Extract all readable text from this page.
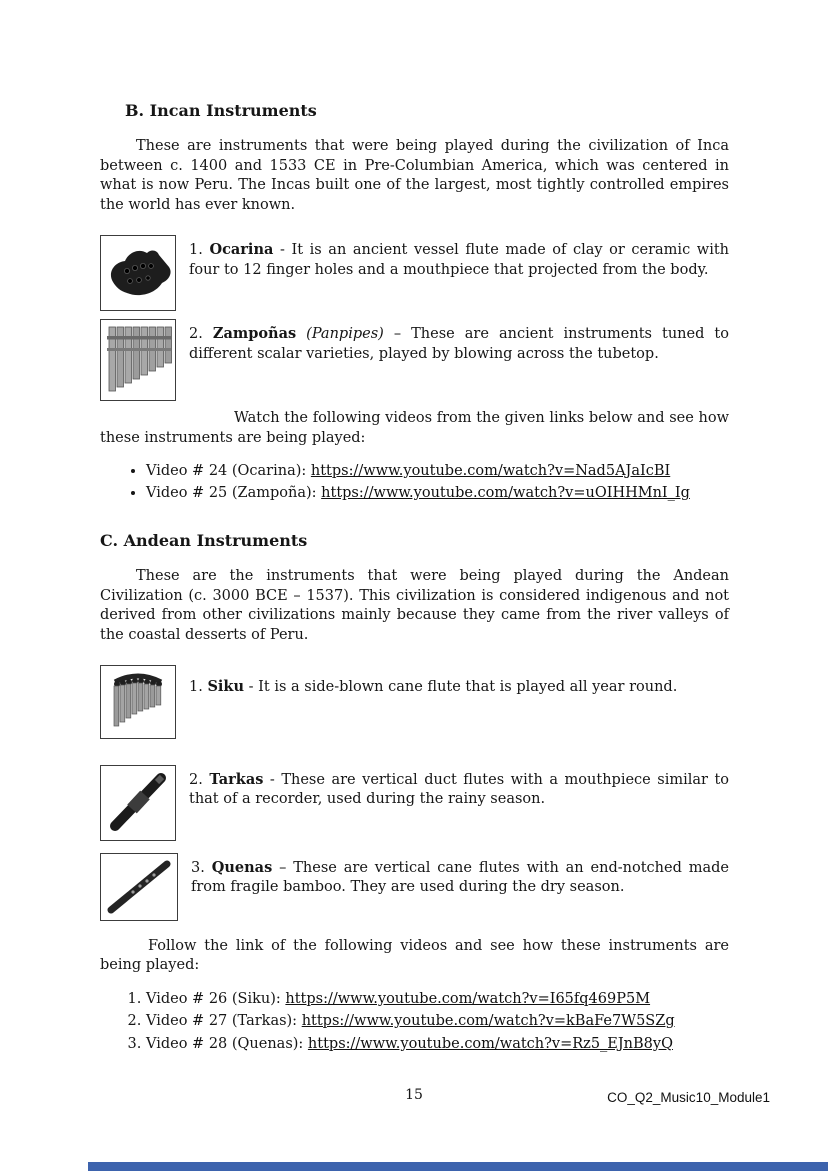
B. Incan Instruments

These are instruments that were being played during the civilization of Inca between c. 1400 and 1533 CE in Pre-Columbian America, which was centered in what is now Peru. The Incas built one of the largest, most tightly controlled empires the world has ever known.

1. Ocarina - It is an ancient vessel flute made of clay or ceramic with four to 12 finger holes and a mouthpiece that projected from the body.

2. Zampoñas (Panpipes) – These are ancient instruments tuned to different scalar varieties, played by blowing across the tubetop.

Watch the following videos from the given links below and see how these instruments are being played:

• Video # 24 (Ocarina): https://www.youtube.com/watch?v=Nad5AJaIcBI
• Video # 25 (Zampoña): https://www.youtube.com/watch?v=uOIHHMnI_Ig
C. Andean Instruments

These are the instruments that were being played during the Andean Civilization (c. 3000 BCE – 1537). This civilization is considered indigenous and not derived from other civilizations mainly because they came from the river valleys of the coastal desserts of Peru.

1. Siku - It is a side-blown cane flute that is played all year round.

2. Tarkas - These are vertical duct flutes with a mouthpiece similar to that of a recorder, used during the rainy season.

3. Quenas – These are vertical cane flutes with an end-notched made from fragile bamboo. They are used during the dry season.

Follow the link of the following videos and see how these instruments are being played:

1. Video # 26 (Siku): https://www.youtube.com/watch?v=I65fq469P5M
2. Video # 27 (Tarkas): https://www.youtube.com/watch?v=kBaFe7W5SZg
3. Video # 28 (Quenas): https://www.youtube.com/watch?v=Rz5_EJnB8yQ
15	CO_Q2_Music10_Module1
